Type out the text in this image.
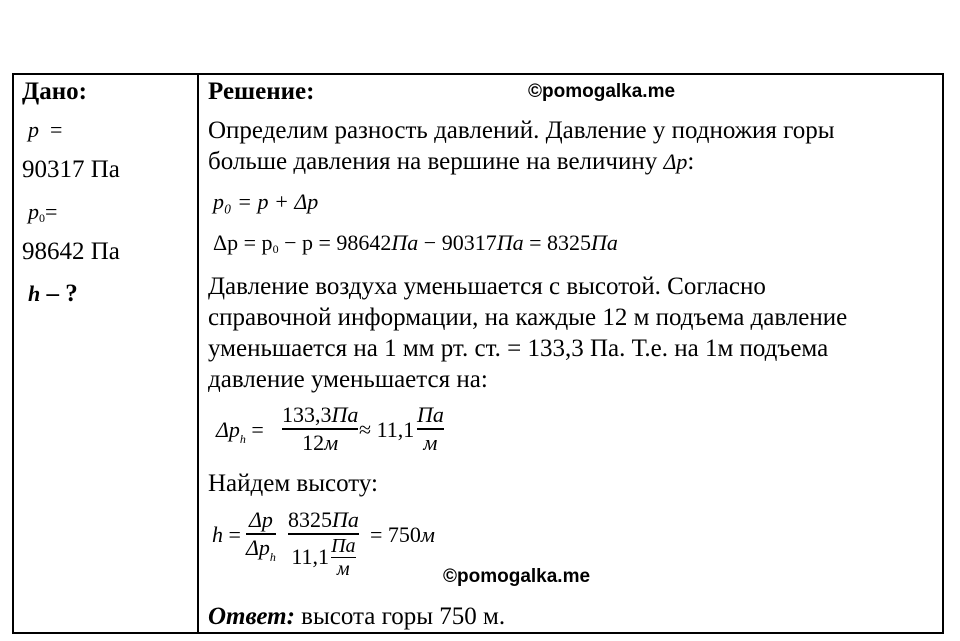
Дано:
p =
90317 Па
$p_0=$
98642 Па
h – ?
Решение:	©pomogalka.me
Определим разность давлений. Давление у подножия горы
больше давления на вершине на величину Δp:
p₀ = p + Δp
$\Delta p = p_0 - p = 98642Па - 90317Па = 8325Па$
Давление воздуха уменьшается с высотой. Согласно
справочной информации, на каждые 12 м подъема давление
уменьшается на 1 мм рт. ст. = 133,3 Па. Т.е. на 1м подъема
давление уменьшается на:
$\Delta p_h$ =
133,3Па
12м ≈ 11,1
Па
м
Найдем высоту:
h =
Δp
$\Delta p_h$
8325Па
11,1 Па
м
= 750м
©pomogalka.me
Ответ: высота горы 750 м.
